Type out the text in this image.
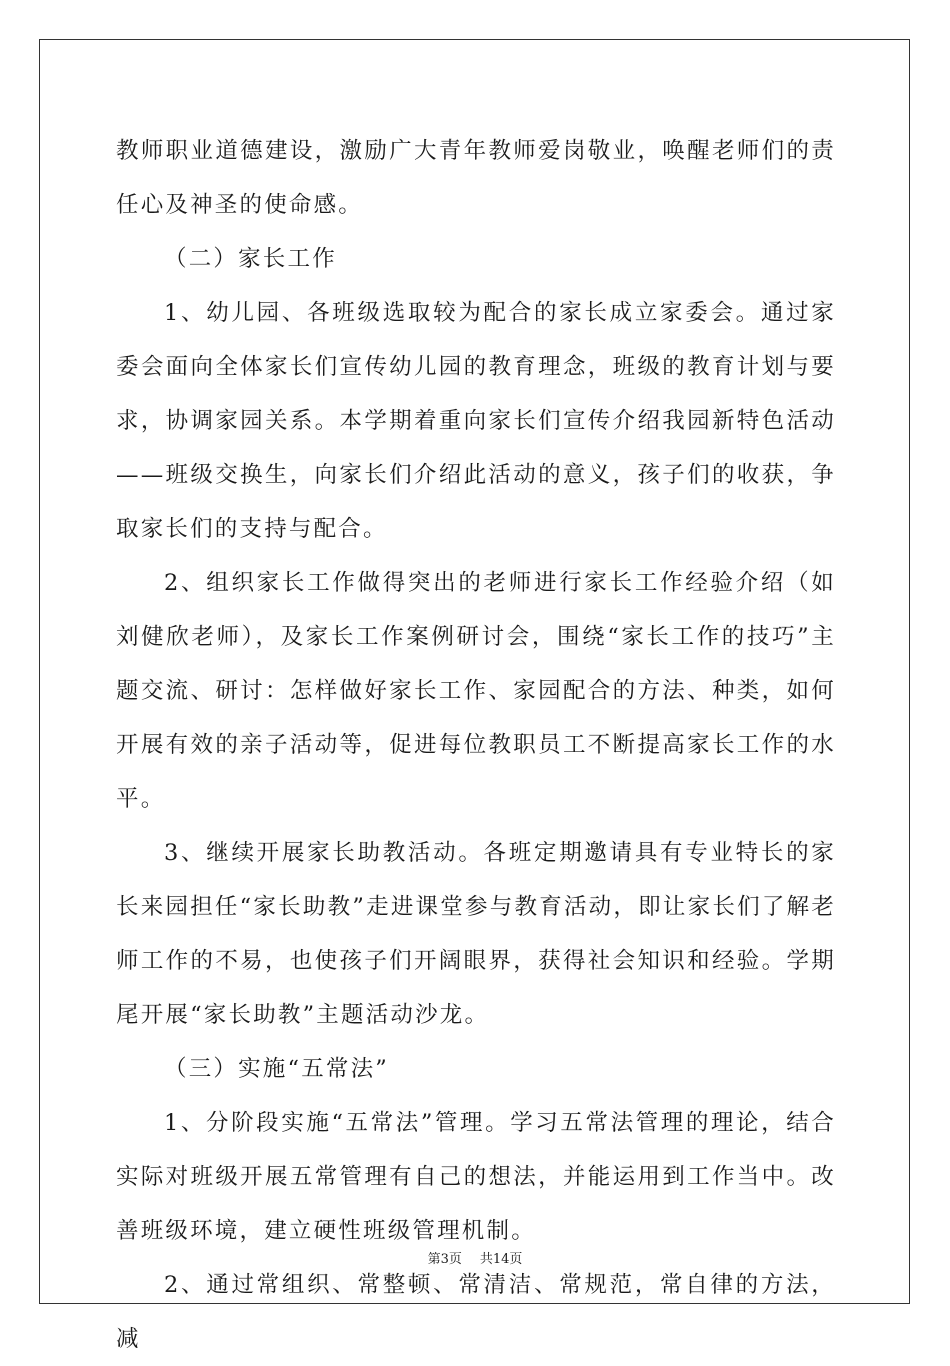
教师职业道德建设，激励广大青年教师爱岗敬业，唤醒老师们的责任心及神圣的使命感。

（二）家长工作

1、幼儿园、各班级选取较为配合的家长成立家委会。通过家委会面向全体家长们宣传幼儿园的教育理念，班级的教育计划与要求，协调家园关系。本学期着重向家长们宣传介绍我园新特色活动——班级交换生，向家长们介绍此活动的意义，孩子们的收获，争取家长们的支持与配合。

2、组织家长工作做得突出的老师进行家长工作经验介绍（如刘健欣老师），及家长工作案例研讨会，围绕“家长工作的技巧”主题交流、研讨：怎样做好家长工作、家园配合的方法、种类，如何开展有效的亲子活动等，促进每位教职员工不断提高家长工作的水平。

3、继续开展家长助教活动。各班定期邀请具有专业特长的家长来园担任“家长助教”走进课堂参与教育活动，即让家长们了解老师工作的不易，也使孩子们开阔眼界，获得社会知识和经验。学期尾开展“家长助教”主题活动沙龙。

（三）实施“五常法”

1、分阶段实施“五常法”管理。学习五常法管理的理论，结合实际对班级开展五常管理有自己的想法，并能运用到工作当中。改善班级环境，建立硬性班级管理机制。

2、通过常组织、常整顿、常清洁、常规范，常自律的方法，减

第3页 共14页
